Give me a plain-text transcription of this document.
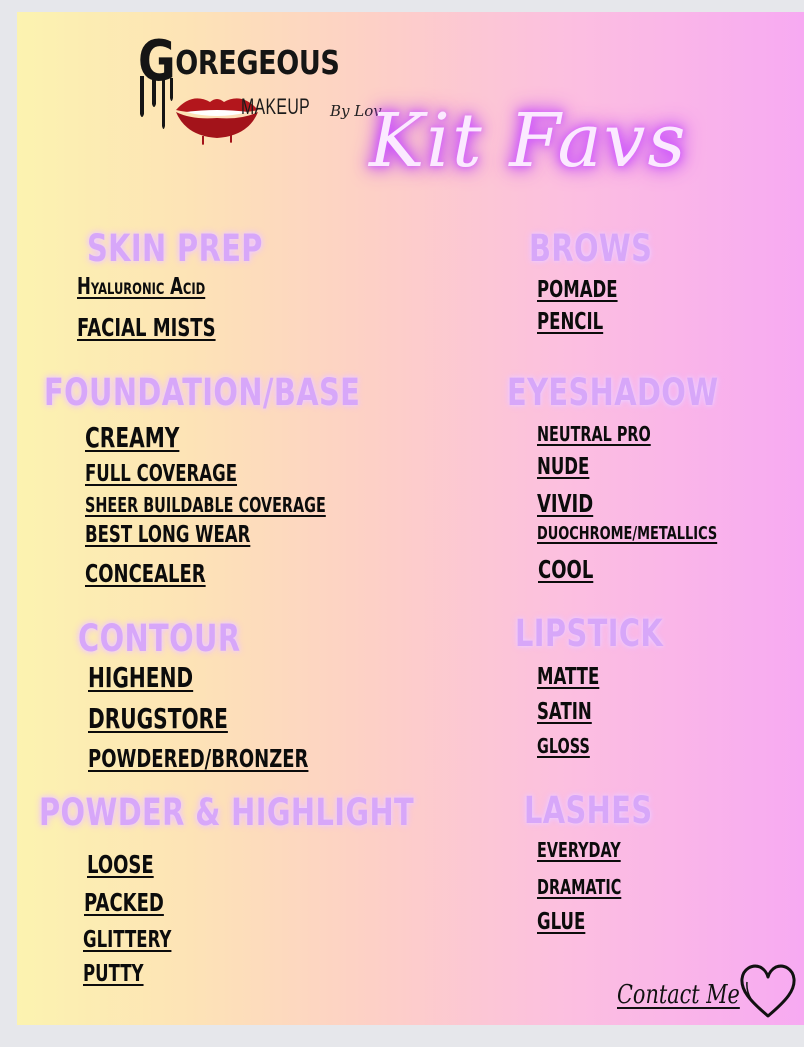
GOREGEOUS
MAKEUP By Lov
Kit Favs
SKIN PREP
Hyaluronic Acid
FACIAL MISTS
FOUNDATION/BASE
CREAMY
FULL COVERAGE
SHEER BUILDABLE COVERAGE
BEST LONG WEAR
CONCEALER
CONTOUR
HIGHEND
DRUGSTORE
POWDERED/BRONZER
POWDER & HIGHLIGHT
LOOSE
PACKED
GLITTERY
PUTTY
BROWS
POMADE
PENCIL
EYESHADOW
NEUTRAL PRO
NUDE
VIVID
DUOCHROME/METALLICS
COOL
LIPSTICK
MATTE
SATIN
GLOSS
LASHES
EVERYDAY
DRAMATIC
GLUE
Contact Me
